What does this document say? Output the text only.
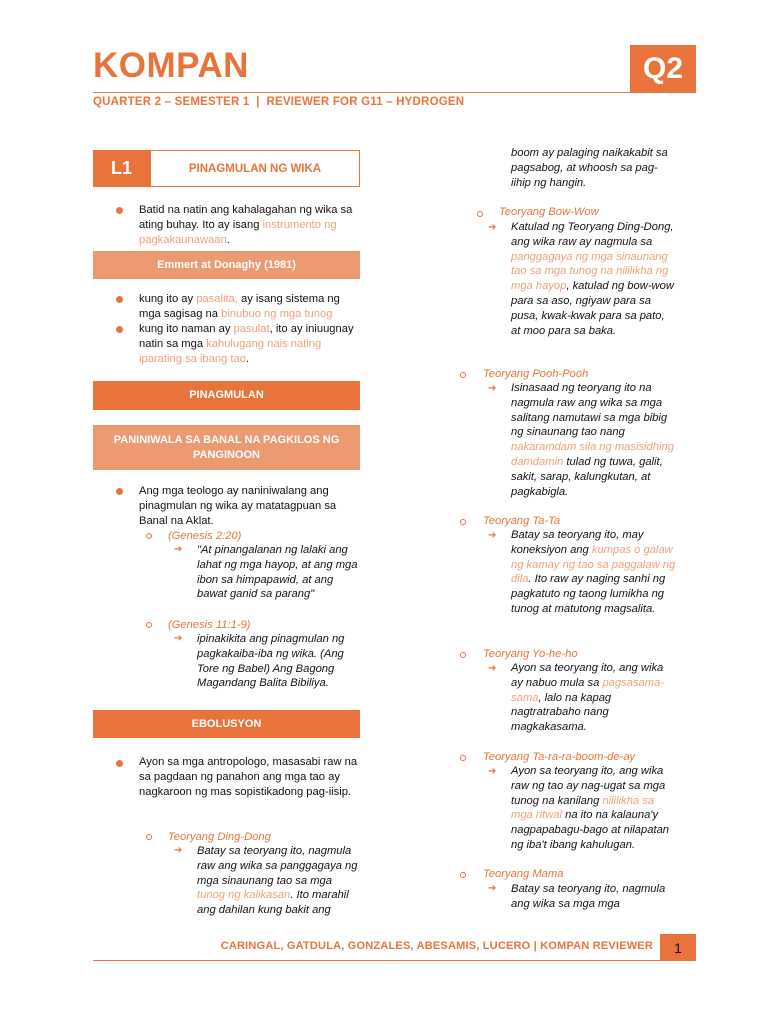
KOMPAN	Q2
QUARTER 2 – SEMESTER 1  |  REVIEWER FOR G11 – HYDROGEN
L1	PINAGMULAN NG WIKA
Batid na natin ang kahalagahan ng wika sa ating buhay. Ito ay isang instrumento ng pagkakaunawaan.
Emmert at Donaghy (1981)
kung ito ay pasalita, ay isang sistema ng mga sagisag na binubuo ng mga tunog
kung ito naman ay pasulat, ito ay iniuugnay natin sa mga kahulugang nais nating iparating sa ibang tao.
PINAGMULAN
PANINIWALA SA BANAL NA PAGKILOS NG PANGINOON
Ang mga teologo ay naniniwalang ang pinagmulan ng wika ay matatagpuan sa Banal na Aklat.
(Genesis 2:20)
➔ "At pinangalanan ng lalaki ang lahat ng mga hayop, at ang mga ibon sa himpapawid, at ang bawat ganid sa parang"
(Genesis 11:1-9)
➔ ipinakikita ang pinagmulan ng pagkakaiba-iba ng wika. (Ang Tore ng Babel) Ang Bagong Magandang Balita Bibiliya.
EBOLUSYON
Ayon sa mga antropologo, masasabi raw na sa pagdaan ng panahon ang mga tao ay nagkaroon ng mas sopistikadong pag-iisip.
Teoryang Ding-Dong
➔ Batay sa teoryang ito, nagmula raw ang wika sa panggagaya ng mga sinaunang tao sa mga tunog ng kalikasan. Ito marahil ang dahilan kung bakit ang
boom ay palaging naikakabit sa pagsabog, at whoosh sa pag-iihip ng hangin.
Teoryang Bow-Wow
➔ Katulad ng Teoryang Ding-Dong, ang wika raw ay nagmula sa panggagaya ng mga sinaunang tao sa mga tunog na nililikha ng mga hayop, katulad ng bow-wow para sa aso, ngiyaw para sa pusa, kwak-kwak para sa pato, at moo para sa baka.
Teoryang Pooh-Pooh
➔ Isinasaad ng teoryang ito na nagmula raw ang wika sa mga salitang namutawi sa mga bibig ng sinaunang tao nang nakaramdam sila ng masisidhing damdamin tulad ng tuwa, galit, sakit, sarap, kalungkutan, at pagkabigla.
Teoryang Ta-Ta
➔ Batay sa teoryang ito, may koneksiyon ang kumpas o galaw ng kamay ng tao sa paggalaw ng dila. Ito raw ay naging sanhi ng pagkatuto ng taong lumikha ng tunog at matutong magsalita.
Teoryang Yo-he-ho
➔ Ayon sa teoryang ito, ang wika ay nabuo mula sa pagsasama-sama, lalo na kapag nagtratrabaho nang magkakasama.
Teoryang Ta-ra-ra-boom-de-ay
➔ Ayon sa teoryang ito, ang wika raw ng tao ay nag-ugat sa mga tunog na kanilang nililikha sa mga ritwal na ito na kalauna'y nagpapabagu-bago at nilapatan ng iba't ibang kahulugan.
Teoryang Mama
➔ Batay sa teoryang ito, nagmula ang wika sa mga mga
CARINGAL, GATDULA, GONZALES, ABESAMIS, LUCERO | KOMPAN REVIEWER	1
